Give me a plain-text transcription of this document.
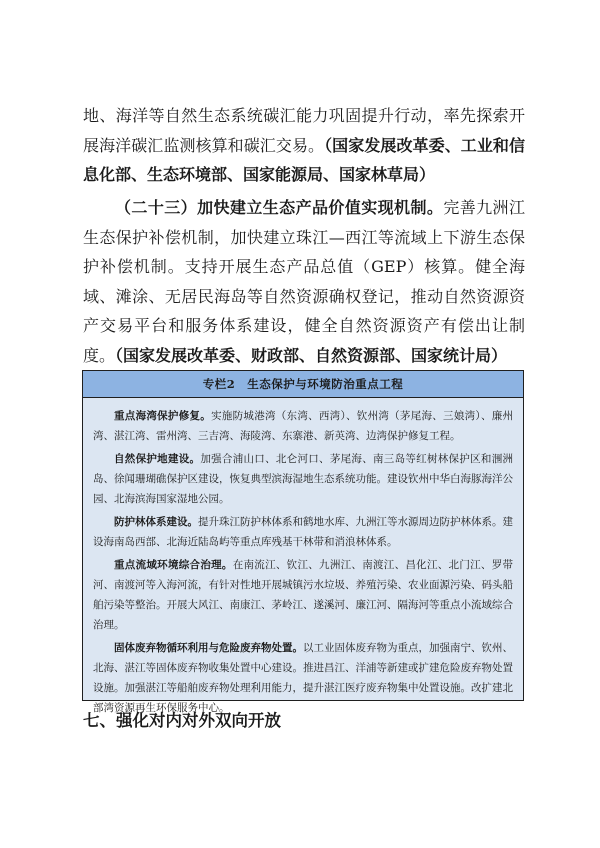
地、海洋等自然生态系统碳汇能力巩固提升行动，率先探索开展海洋碳汇监测核算和碳汇交易。（国家发展改革委、工业和信息化部、生态环境部、国家能源局、国家林草局）

（二十三）加快建立生态产品价值实现机制。完善九洲江生态保护补偿机制，加快建立珠江—西江等流域上下游生态保护补偿机制。支持开展生态产品总值（GEP）核算。健全海域、滩涂、无居民海岛等自然资源确权登记，推动自然资源资产交易平台和服务体系建设，健全自然资源资产有偿出让制度。（国家发展改革委、财政部、自然资源部、国家统计局）

专栏2 生态保护与环境防治重点工程

重点海湾保护修复。实施防城港湾（东湾、西湾）、钦州湾（茅尾海、三娘湾）、廉州湾、湛江湾、雷州湾、三吉湾、海陵湾、东寨港、新英湾、边湾保护修复工程。

自然保护地建设。加强合浦山口、北仑河口、茅尾海、南三岛等红树林保护区和涠洲岛、徐闻珊瑚礁保护区建设，恢复典型滨海湿地生态系统功能。建设钦州中华白海豚海洋公园、北海滨海国家湿地公园。

防护林体系建设。提升珠江防护林体系和鹤地水库、九洲江等水源周边防护林体系。建设海南岛西部、北海近陆岛屿等重点库残基干林带和消浪林体系。

重点流域环境综合治理。在南流江、钦江、九洲江、南渡江、昌化江、北门江、罗带河、南渡河等入海河流，有针对性地开展城镇污水垃圾、养殖污染、农业面源污染、码头船舶污染等整治。开展大风江、南康江、茅岭江、遂溪河、廉江河、隔海河等重点小流域综合治理。

固体废弃物循环利用与危险废弃物处置。以工业固体废弃物为重点，加强南宁、钦州、北海、湛江等固体废弃物收集处置中心建设。推进昌江、洋浦等新建或扩建危险废弃物处置设施。加强湛江等船舶废弃物处理利用能力，提升湛江医疗废弃物集中处置设施。改扩建北部湾资源再生环保服务中心。

七、强化对内对外双向开放
